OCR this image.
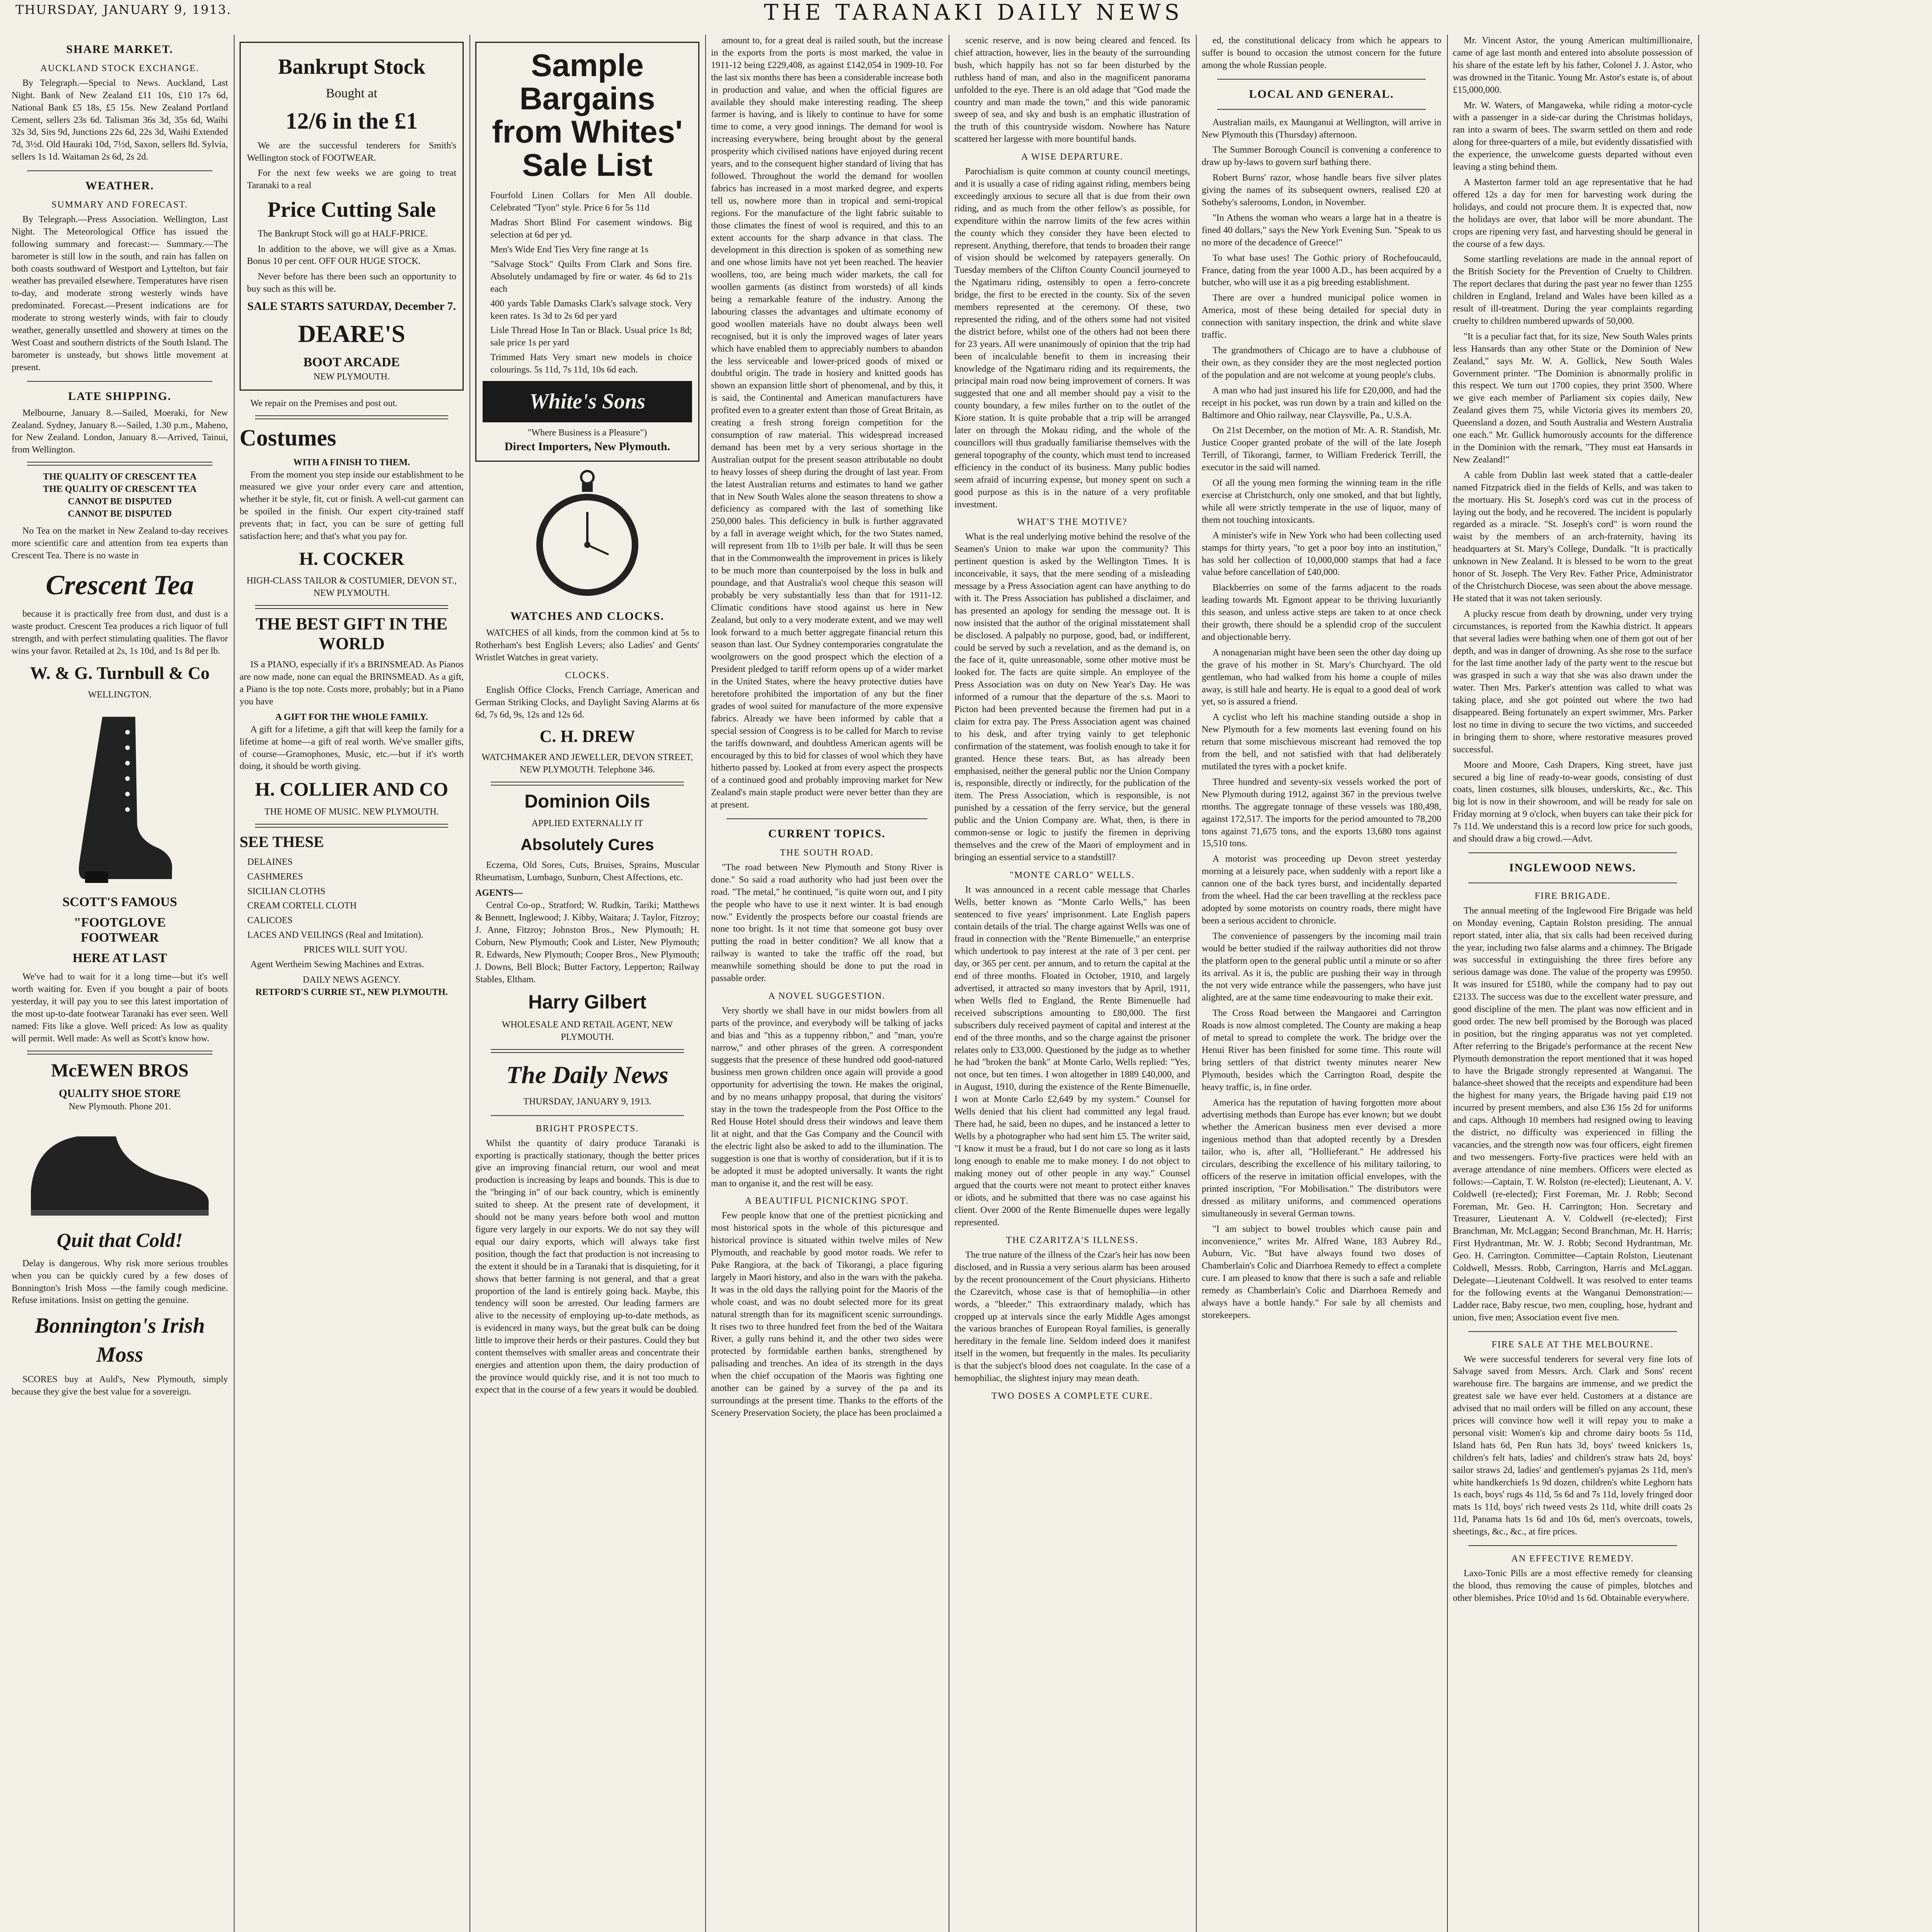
THURSDAY, JANUARY 9, 1913.	THE TARANAKI DAILY NEWS
SHARE MARKET.
AUCKLAND STOCK EXCHANGE.

By Telegraph.—Special to News. Auckland, Last Night. Bank of New Zealand £11 10s, £10 17s 6d, National Bank £5 18s, £5 15s. New Zealand Portland Cement, sellers 23s 6d. Talisman 36s 3d, 35s 6d, Waihi 32s 3d, Sirs 9d, Junctions 22s 6d, 22s 3d, Waihi Extended 7d, 3½d. Old Hauraki 10d, 7½d, Saxon, sellers 8d. Sylvia, sellers 1s 1d. Waitaman 2s 6d, 2s 2d.

WEATHER.
SUMMARY AND FORECAST.

By Telegraph.—Press Association. Wellington, Last Night. The Meteorological Office has issued the following summary and forecast:— Summary.—The barometer is still low in the south, and rain has fallen on both coasts southward of Westport and Lyttelton, but fair weather has prevailed elsewhere. Temperatures have risen to-day, and moderate strong westerly winds have predominated. Forecast.—Present indications are for moderate to strong westerly winds, with fair to cloudy weather, generally unsettled and showery at times on the West Coast and southern districts of the South Island. The barometer is unsteady, but shows little movement at present.

LATE SHIPPING.

Melbourne, January 8.—Sailed, Moeraki, for New Zealand. Sydney, January 8.—Sailed, 1.30 p.m., Maheno, for New Zealand. London, January 8.—Arrived, Tainui, from Wellington.

THE QUALITY OF CRESCENT TEA
THE QUALITY OF CRESCENT TEA
CANNOT BE DISPUTED
CANNOT BE DISPUTED

No Tea on the market in New Zealand to-day receives more scientific care and attention from tea experts than Crescent Tea. There is no waste in

Crescent Tea

because it is practically free from dust, and dust is a waste product. Crescent Tea produces a rich liquor of full strength, and with perfect stimulating qualities. The flavor wins your favor. Retailed at 2s, 1s 10d, and 1s 8d per lb.

W. & G. Turnbull & Co
WELLINGTON.
SCOTT'S FAMOUS
"FOOTGLOVE
FOOTWEAR
HERE AT LAST

We've had to wait for it a long time—but it's well worth waiting for. Even if you bought a pair of boots yesterday, it will pay you to see this latest importation of the most up-to-date footwear Taranaki has ever seen. Well named: Fits like a glove. Well priced: As low as quality will permit. Well made: As well as Scott's know how.

McEWEN BROS
QUALITY SHOE STORE
New Plymouth. Phone 201.
Quit that Cold!

Delay is dangerous. Why risk more serious troubles when you can be quickly cured by a few doses of Bonnington's Irish Moss —the family cough medicine. Refuse imitations. Insist on getting the genuine.

Bonnington's Irish Moss

SCORES buy at Auld's, New Plymouth, simply because they give the best value for a sovereign.

Bankrupt Stock
Bought at
12/6 in the £1

We are the successful tenderers for Smith's Wellington stock of FOOTWEAR.

For the next few weeks we are going to treat Taranaki to a real

Price Cutting Sale

The Bankrupt Stock will go at HALF-PRICE.

In addition to the above, we will give as a Xmas. Bonus 10 per cent. OFF OUR HUGE STOCK.

Never before has there been such an opportunity to buy such as this will be.

SALE STARTS SATURDAY, December 7.
DEARE'S
BOOT ARCADE
NEW PLYMOUTH.

We repair on the Premises and post out.

Costumes
WITH A FINISH TO THEM.

From the moment you step inside our establishment to be measured we give your order every care and attention, whether it be style, fit, cut or finish. A well-cut garment can be spoiled in the finish. Our expert city-trained staff prevents that; in fact, you can be sure of getting full satisfaction here; and that's what you pay for.

H. COCKER
HIGH-CLASS TAILOR & COSTUMIER, DEVON ST., NEW PLYMOUTH.
THE BEST GIFT IN THE WORLD

IS a PIANO, especially if it's a BRINSMEAD. As Pianos are now made, none can equal the BRINSMEAD. As a gift, a Piano is the top note. Costs more, probably; but in a Piano you have

A GIFT FOR THE WHOLE FAMILY.

A gift for a lifetime, a gift that will keep the family for a lifetime at home—a gift of real worth. We've smaller gifts, of course—Gramophones, Music, etc.—but if it's worth doing, it should be worth giving.

H. COLLIER AND CO
THE HOME OF MUSIC. NEW PLYMOUTH.
SEE THESE
DELAINES
CASHMERES
SICILIAN CLOTHS
CREAM CORTELL CLOTH
CALICOES
LACES AND VEILINGS (Real and Imitation).
PRICES WILL SUIT YOU.

Agent Wertheim Sewing Machines and Extras.

DAILY NEWS AGENCY.
RETFORD'S CURRIE ST., NEW PLYMOUTH.
Sample Bargains from Whites' Sale List
Fourfold Linen Collars for Men All double. Celebrated "Tyon" style. Price 6 for 5s 11d
Madras Short Blind For casement windows. Big selection at 6d per yd.
Men's Wide End Ties Very fine range at 1s
"Salvage Stock" Quilts From Clark and Sons fire. Absolutely undamaged by fire or water. 4s 6d to 21s each
400 yards Table Damasks Clark's salvage stock. Very keen rates. 1s 3d to 2s 6d per yard
Lisle Thread Hose In Tan or Black. Usual price 1s 8d; sale price 1s per yard
Trimmed Hats Very smart new models in choice colourings. 5s 11d, 7s 11d, 10s 6d each.
White's Sons
"Where Business is a Pleasure")
Direct Importers, New Plymouth.
WATCHES AND CLOCKS.

WATCHES of all kinds, from the common kind at 5s to Rotherham's best English Levers; also Ladies' and Gents' Wristlet Watches in great variety.

CLOCKS.

English Office Clocks, French Carriage, American and German Striking Clocks, and Daylight Saving Alarms at 6s 6d, 7s 6d, 9s, 12s and 12s 6d.

C. H. DREW
WATCHMAKER AND JEWELLER, DEVON STREET, NEW PLYMOUTH. Telephone 346.
Dominion Oils
APPLIED EXTERNALLY IT
Absolutely Cures

Eczema, Old Sores, Cuts, Bruises, Sprains, Muscular Rheumatism, Lumbago, Sunburn, Chest Affections, etc.

AGENTS—

Central Co-op., Stratford; W. Rudkin, Tariki; Matthews & Bennett, Inglewood; J. Kibby, Waitara; J. Taylor, Fitzroy; J. Anne, Fitzroy; Johnston Bros., New Plymouth; H. Coburn, New Plymouth; Cook and Lister, New Plymouth; R. Edwards, New Plymouth; Cooper Bros., New Plymouth; J. Downs, Bell Block; Butter Factory, Lepperton; Railway Stables, Eltham.

Harry Gilbert
WHOLESALE AND RETAIL AGENT, NEW PLYMOUTH.
The Daily News
THURSDAY, JANUARY 9, 1913.
BRIGHT PROSPECTS.

Whilst the quantity of dairy produce Taranaki is exporting is practically stationary, though the better prices give an improving financial return, our wool and meat production is increasing by leaps and bounds. This is due to the "bringing in" of our back country, which is eminently suited to sheep. At the present rate of development, it should not be many years before both wool and mutton figure very largely in our exports. We do not say they will equal our dairy exports, which will always take first position, though the fact that production is not increasing to the extent it should be in a Taranaki that is disquieting, for it shows that better farming is not general, and that a great proportion of the land is entirely going back. Maybe, this tendency will soon be arrested. Our leading farmers are alive to the necessity of employing up-to-date methods, as is evidenced in many ways, but the great bulk can be doing little to improve their herds or their pastures. Could they but content themselves with smaller areas and concentrate their energies and attention upon them, the dairy production of the province would quickly rise, and it is not too much to expect that in the course of a few years it would be doubled.

amount to, for a great deal is railed south, but the increase in the exports from the ports is most marked, the value in 1911-12 being £229,408, as against £142,054 in 1909-10. For the last six months there has been a considerable increase both in production and value, and when the official figures are available they should make interesting reading. The sheep farmer is having, and is likely to continue to have for some time to come, a very good innings. The demand for wool is increasing everywhere, being brought about by the general prosperity which civilised nations have enjoyed during recent years, and to the consequent higher standard of living that has followed. Throughout the world the demand for woollen fabrics has increased in a most marked degree, and experts tell us, nowhere more than in tropical and semi-tropical regions. For the manufacture of the light fabric suitable to those climates the finest of wool is required, and this to an extent accounts for the sharp advance in that class. The development in this direction is spoken of as something new and one whose limits have not yet been reached. The heavier woollens, too, are being much wider markets, the call for woollen garments (as distinct from worsteds) of all kinds being a remarkable feature of the industry. Among the labouring classes the advantages and ultimate economy of good woollen materials have no doubt always been well recognised, but it is only the improved wages of later years which have enabled them to appreciably numbers to abandon the less serviceable and lower-priced goods of mixed or doubtful origin. The trade in hosiery and knitted goods has shown an expansion little short of phenomenal, and by this, it is said, the Continental and American manufacturers have profited even to a greater extent than those of Great Britain, as creating a fresh strong foreign competition for the consumption of raw material. This widespread increased demand has been met by a very serious shortage in the Australian output for the present season attributable no doubt to heavy losses of sheep during the drought of last year. From the latest Australian returns and estimates to hand we gather that in New South Wales alone the season threatens to show a deficiency as compared with the last of something like 250,000 bales. This deficiency in bulk is further aggravated by a fall in average weight which, for the two States named, will represent from 1lb to 1½lb per bale. It will thus be seen that in the Commonwealth the improvement in prices is likely to be much more than counterpoised by the loss in bulk and poundage, and that Australia's wool cheque this season will probably be very substantially less than that for 1911-12. Climatic conditions have stood against us here in New Zealand, but only to a very moderate extent, and we may well look forward to a much better aggregate financial return this season than last. Our Sydney contemporaries congratulate the woolgrowers on the good prospect which the election of a President pledged to tariff reform opens up of a wider market in the United States, where the heavy protective duties have heretofore prohibited the importation of any but the finer grades of wool suited for manufacture of the more expensive fabrics. Already we have been informed by cable that a special session of Congress is to be called for March to revise the tariffs downward, and doubtless American agents will be encouraged by this to bid for classes of wool which they have hitherto passed by. Looked at from every aspect the prospects of a continued good and probably improving market for New Zealand's main staple product were never better than they are at present.

CURRENT TOPICS.
THE SOUTH ROAD.

"The road between New Plymouth and Stony River is done." So said a road authority who had just been over the road. "The metal," he continued, "is quite worn out, and I pity the people who have to use it next winter. It is bad enough now." Evidently the prospects before our coastal friends are none too bright. Is it not time that someone got busy over putting the road in better condition? We all know that a railway is wanted to take the traffic off the road, but meanwhile something should be done to put the road in passable order.

A NOVEL SUGGESTION.

Very shortly we shall have in our midst bowlers from all parts of the province, and everybody will be talking of jacks and bias and "this as a tuppenny ribbon," and "man, you're narrow," and other phrases of the green. A correspondent suggests that the presence of these hundred odd good-natured business men grown children once again will provide a good opportunity for advertising the town. He makes the original, and by no means unhappy proposal, that during the visitors' stay in the town the tradespeople from the Post Office to the Red House Hotel should dress their windows and leave them lit at night, and that the Gas Company and the Council with the electric light also be asked to add to the illumination. The suggestion is one that is worthy of consideration, but if it is to be adopted it must be adopted universally. It wants the right man to organise it, and the rest will be easy.

A BEAUTIFUL PICNICKING SPOT.

Few people know that one of the prettiest picnicking and most historical spots in the whole of this picturesque and historical province is situated within twelve miles of New Plymouth, and reachable by good motor roads. We refer to Puke Rangiora, at the back of Tikorangi, a place figuring largely in Maori history, and also in the wars with the pakeha. It was in the old days the rallying point for the Maoris of the whole coast, and was no doubt selected more for its great natural strength than for its magnificent scenic surroundings. It rises two to three hundred feet from the bed of the Waitara River, a gully runs behind it, and the other two sides were protected by formidable earthen banks, strengthened by palisading and trenches. An idea of its strength in the days when the chief occupation of the Maoris was fighting one another can be gained by a survey of the pa and its surroundings at the present time. Thanks to the efforts of the Scenery Preservation Society, the place has been proclaimed a

scenic reserve, and is now being cleared and fenced. Its chief attraction, however, lies in the beauty of the surrounding bush, which happily has not so far been disturbed by the ruthless hand of man, and also in the magnificent panorama unfolded to the eye. There is an old adage that "God made the country and man made the town," and this wide panoramic sweep of sea, and sky and bush is an emphatic illustration of the truth of this countryside wisdom. Nowhere has Nature scattered her largesse with more bountiful hands.

A WISE DEPARTURE.

Parochialism is quite common at county council meetings, and it is usually a case of riding against riding, members being exceedingly anxious to secure all that is due from their own riding, and as much from the other fellow's as possible, for expenditure within the narrow limits of the few acres within the county which they consider they have been elected to represent. Anything, therefore, that tends to broaden their range of vision should be welcomed by ratepayers generally. On Tuesday members of the Clifton County Council journeyed to the Ngatimaru riding, ostensibly to open a ferro-concrete bridge, the first to be erected in the county. Six of the seven members represented at the ceremony. Of these, two represented the riding, and of the others some had not visited the district before, whilst one of the others had not been there for 23 years. All were unanimously of opinion that the trip had been of incalculable benefit to them in increasing their knowledge of the Ngatimaru riding and its requirements, the principal main road now being improvement of corners. It was suggested that one and all member should pay a visit to the county boundary, a few miles further on to the outlet of the Kiore station. It is quite probable that a trip will be arranged later on through the Mokau riding, and the whole of the councillors will thus gradually familiarise themselves with the general topography of the county, which must tend to increased efficiency in the conduct of its business. Many public bodies seem afraid of incurring expense, but money spent on such a good purpose as this is in the nature of a very profitable investment.

WHAT'S THE MOTIVE?

What is the real underlying motive behind the resolve of the Seamen's Union to make war upon the community? This pertinent question is asked by the Wellington Times. It is inconceivable, it says, that the mere sending of a misleading message by a Press Association agent can have anything to do with it. The Press Association has published a disclaimer, and has presented an apology for sending the message out. It is now insisted that the author of the original misstatement shall be disclosed. A palpably no purpose, good, bad, or indifferent, could be served by such a revelation, and as the demand is, on the face of it, quite unreasonable, some other motive must be looked for. The facts are quite simple. An employee of the Press Association was on duty on New Year's Day. He was informed of a rumour that the departure of the s.s. Maori to Picton had been prevented because the firemen had put in a claim for extra pay. The Press Association agent was chained to his desk, and after trying vainly to get telephonic confirmation of the statement, was foolish enough to take it for granted. Hence these tears. But, as has already been emphasised, neither the general public nor the Union Company is, responsible, directly or indirectly, for the publication of the item. The Press Association, which is responsible, is not punished by a cessation of the ferry service, but the general public and the Union Company are. What, then, is there in common-sense or logic to justify the firemen in depriving themselves and the crew of the Maori of employment and in bringing an essential service to a standstill?

"MONTE CARLO" WELLS.

It was announced in a recent cable message that Charles Wells, better known as "Monte Carlo Wells," has been sentenced to five years' imprisonment. Late English papers contain details of the trial. The charge against Wells was one of fraud in connection with the "Rente Bimenuelle," an enterprise which undertook to pay interest at the rate of 3 per cent. per day, or 365 per cent. per annum, and to return the capital at the end of three months. Floated in October, 1910, and largely advertised, it attracted so many investors that by April, 1911, when Wells fled to England, the Rente Bimenuelle had received subscriptions amounting to £80,000. The first subscribers duly received payment of capital and interest at the end of the three months, and so the charge against the prisoner relates only to £33,000. Questioned by the judge as to whether he had "broken the bank" at Monte Carlo, Wells replied: "Yes, not once, but ten times. I won altogether in 1889 £40,000, and in August, 1910, during the existence of the Rente Bimenuelle, I won at Monte Carlo £2,649 by my system." Counsel for Wells denied that his client had committed any legal fraud. There had, he said, been no dupes, and he instanced a letter to Wells by a photographer who had sent him £5. The writer said, "I know it must be a fraud, but I do not care so long as it lasts long enough to enable me to make money. I do not object to making money out of other people in any way." Counsel argued that the courts were not meant to protect either knaves or idiots, and he submitted that there was no case against his client. Over 2000 of the Rente Bimenuelle dupes were legally represented.

THE CZARITZA'S ILLNESS.

The true nature of the illness of the Czar's heir has now been disclosed, and in Russia a very serious alarm has been aroused by the recent pronouncement of the Court physicians. Hitherto the Czarevitch, whose case is that of hemophilia—in other words, a "bleeder." This extraordinary malady, which has cropped up at intervals since the early Middle Ages amongst the various branches of European Royal families, is generally hereditary in the female line. Seldom indeed does it manifest itself in the women, but frequently in the males. Its peculiarity is that the subject's blood does not coagulate. In the case of a hemophiliac, the slightest injury may mean death.

TWO DOSES A COMPLETE CURE.

ed, the constitutional delicacy from which he appears to suffer is bound to occasion the utmost concern for the future among the whole Russian people.

LOCAL AND GENERAL.

Australian mails, ex Maunganui at Wellington, will arrive in New Plymouth this (Thursday) afternoon.

The Summer Borough Council is convening a conference to draw up by-laws to govern surf bathing there.

Robert Burns' razor, whose handle bears five silver plates giving the names of its subsequent owners, realised £20 at Sotheby's salerooms, London, in November.

"In Athens the woman who wears a large hat in a theatre is fined 40 dollars," says the New York Evening Sun. "Speak to us no more of the decadence of Greece!"

To what base uses! The Gothic priory of Rochefoucauld, France, dating from the year 1000 A.D., has been acquired by a butcher, who will use it as a pig breeding establishment.

There are over a hundred municipal police women in America, most of these being detailed for special duty in connection with sanitary inspection, the drink and white slave traffic.

The grandmothers of Chicago are to have a clubhouse of their own, as they consider they are the most neglected portion of the population and are not welcome at young people's clubs.

A man who had just insured his life for £20,000, and had the receipt in his pocket, was run down by a train and killed on the Baltimore and Ohio railway, near Claysville, Pa., U.S.A.

On 21st December, on the motion of Mr. A. R. Standish, Mr. Justice Cooper granted probate of the will of the late Joseph Terrill, of Tikorangi, farmer, to William Frederick Terrill, the executor in the said will named.

Of all the young men forming the winning team in the rifle exercise at Christchurch, only one smoked, and that but lightly, while all were strictly temperate in the use of liquor, many of them not touching intoxicants.

A minister's wife in New York who had been collecting used stamps for thirty years, "to get a poor boy into an institution," has sold her collection of 10,000,000 stamps that had a face value before cancellation of £40,000.

Blackberries on some of the farms adjacent to the roads leading towards Mt. Egmont appear to be thriving luxuriantly this season, and unless active steps are taken to at once check their growth, there should be a splendid crop of the succulent and objectionable berry.

A nonagenarian might have been seen the other day doing up the grave of his mother in St. Mary's Churchyard. The old gentleman, who had walked from his home a couple of miles away, is still hale and hearty. He is equal to a good deal of work yet, so is assured a friend.

A cyclist who left his machine standing outside a shop in New Plymouth for a few moments last evening found on his return that some mischievous miscreant had removed the top from the bell, and not satisfied with that had deliberately mutilated the tyres with a pocket knife.

Three hundred and seventy-six vessels worked the port of New Plymouth during 1912, against 367 in the previous twelve months. The aggregate tonnage of these vessels was 180,498, against 172,517. The imports for the period amounted to 78,200 tons against 71,675 tons, and the exports 13,680 tons against 15,510 tons.

A motorist was proceeding up Devon street yesterday morning at a leisurely pace, when suddenly with a report like a cannon one of the back tyres burst, and incidentally departed from the wheel. Had the car been travelling at the reckless pace adopted by some motorists on country roads, there might have been a serious accident to chronicle.

The convenience of passengers by the incoming mail train would be better studied if the railway authorities did not throw the platform open to the general public until a minute or so after its arrival. As it is, the public are pushing their way in through the not very wide entrance while the passengers, who have just alighted, are at the same time endeavouring to make their exit.

The Cross Road between the Mangaorei and Carrington Roads is now almost completed. The County are making a heap of metal to spread to complete the work. The bridge over the Henui River has been finished for some time. This route will bring settlers of that district twenty minutes nearer New Plymouth, besides which the Carrington Road, despite the heavy traffic, is, in fine order.

America has the reputation of having forgotten more about advertising methods than Europe has ever known; but we doubt whether the American business men ever devised a more ingenious method than that adopted recently by a Dresden tailor, who is, after all, "Hollieferant." He addressed his circulars, describing the excellence of his military tailoring, to officers of the reserve in imitation official envelopes, with the printed inscription, "For Mobilisation." The distributors were dressed as military uniforms, and commenced operations simultaneously in several German towns.

"I am subject to bowel troubles which cause pain and inconvenience," writes Mr. Alfred Wane, 183 Aubrey Rd., Auburn, Vic. "But have always found two doses of Chamberlain's Colic and Diarrhoea Remedy to effect a complete cure. I am pleased to know that there is such a safe and reliable remedy as Chamberlain's Colic and Diarrhoea Remedy and always have a bottle handy." For sale by all chemists and storekeepers.

Mr. Vincent Astor, the young American multimillionaire, came of age last month and entered into absolute possession of his share of the estate left by his father, Colonel J. J. Astor, who was drowned in the Titanic. Young Mr. Astor's estate is, of about £15,000,000.

Mr. W. Waters, of Mangaweka, while riding a motor-cycle with a passenger in a side-car during the Christmas holidays, ran into a swarm of bees. The swarm settled on them and rode along for three-quarters of a mile, but evidently dissatisfied with the experience, the unwelcome guests departed without even leaving a sting behind them.

A Masterton farmer told an age representative that he had offered 12s a day for men for harvesting work during the holidays, and could not procure them. It is expected that, now the holidays are over, that labor will be more abundant. The crops are ripening very fast, and harvesting should be general in the course of a few days.

Some startling revelations are made in the annual report of the British Society for the Prevention of Cruelty to Children. The report declares that during the past year no fewer than 1255 children in England, Ireland and Wales have been killed as a result of ill-treatment. During the year complaints regarding cruelty to children numbered upwards of 50,000.

"It is a peculiar fact that, for its size, New South Wales prints less Hansards than any other State or the Dominion of New Zealand," says Mr. W. A. Gollick, New South Wales Government printer. "The Dominion is abnormally prolific in this respect. We turn out 1700 copies, they print 3500. Where we give each member of Parliament six copies daily, New Zealand gives them 75, while Victoria gives its members 20, Queensland a dozen, and South Australia and Western Australia one each." Mr. Gullick humorously accounts for the difference in the Dominion with the remark, "They must eat Hansards in New Zealand!"

A cable from Dublin last week stated that a cattle-dealer named Fitzpatrick died in the fields of Kells, and was taken to the mortuary. His St. Joseph's cord was cut in the process of laying out the body, and he recovered. The incident is popularly regarded as a miracle. "St. Joseph's cord" is worn round the waist by the members of an arch-fraternity, having its headquarters at St. Mary's College, Dundalk. "It is practically unknown in New Zealand. It is blessed to be worn to the great honor of St. Joseph. The Very Rev. Father Price, Administrator of the Christchurch Diocese, was seen about the above message. He stated that it was not taken seriously.

A plucky rescue from death by drowning, under very trying circumstances, is reported from the Kawhia district. It appears that several ladies were bathing when one of them got out of her depth, and was in danger of drowning. As she rose to the surface for the last time another lady of the party went to the rescue but was grasped in such a way that she was also drawn under the water. Then Mrs. Parker's attention was called to what was taking place, and she got pointed out where the two had disappeared. Being fortunately an expert swimmer, Mrs. Parker lost no time in diving to secure the two victims, and succeeded in bringing them to shore, where restorative measures proved successful.

Moore and Moore, Cash Drapers, King street, have just secured a big line of ready-to-wear goods, consisting of dust coats, linen costumes, silk blouses, underskirts, &c., &c. This big lot is now in their showroom, and will be ready for sale on Friday morning at 9 o'clock, when buyers can take their pick for 7s 11d. We understand this is a record low price for such goods, and should draw a big crowd.—Advt.

INGLEWOOD NEWS.
FIRE BRIGADE.

The annual meeting of the Inglewood Fire Brigade was held on Monday evening, Captain Rolston presiding. The annual report stated, inter alia, that six calls had been received during the year, including two false alarms and a chimney. The Brigade was successful in extinguishing the three fires before any serious damage was done. The value of the property was £9950. It was insured for £5180, while the company had to pay out £2133. The success was due to the excellent water pressure, and good discipline of the men. The plant was now efficient and in good order. The new bell promised by the Borough was placed in position, but the ringing apparatus was not yet completed. After referring to the Brigade's performance at the recent New Plymouth demonstration the report mentioned that it was hoped to have the Brigade strongly represented at Wanganui. The balance-sheet showed that the receipts and expenditure had been the highest for many years, the Brigade having paid £19 not incurred by present members, and also £36 15s 2d for uniforms and caps. Although 10 members had resigned owing to leaving the district, no difficulty was experienced in filling the vacancies, and the strength now was four officers, eight firemen and two messengers. Forty-five practices were held with an average attendance of nine members. Officers were elected as follows:—Captain, T. W. Rolston (re-elected); Lieutenant, A. V. Coldwell (re-elected); First Foreman, Mr. J. Robb; Second Foreman, Mr. Geo. H. Carrington; Hon. Secretary and Treasurer, Lieutenant A. V. Coldwell (re-elected); First Branchman, Mr. McLaggan; Second Branchman, Mr. H. Harris; First Hydrantman, Mr. W. J. Robb; Second Hydrantman, Mr. Geo. H. Carrington. Committee—Captain Rolston, Lieutenant Coldwell, Messrs. Robb, Carrington, Harris and McLaggan. Delegate—Lieutenant Coldwell. It was resolved to enter teams for the following events at the Wanganui Demonstration:—Ladder race, Baby rescue, two men, coupling, hose, hydrant and union, five men; Association event five men.

FIRE SALE AT THE MELBOURNE.

We were successful tenderers for several very fine lots of Salvage saved from Messrs. Arch. Clark and Sons' recent warehouse fire. The bargains are immense, and we predict the greatest sale we have ever held. Customers at a distance are advised that no mail orders will be filled on any account, these prices will convince how well it will repay you to make a personal visit: Women's kip and chrome dairy boots 5s 11d, Island hats 6d, Pen Run hats 3d, boys' tweed knickers 1s, children's felt hats, ladies' and children's straw hats 2d, boys' sailor straws 2d, ladies' and gentlemen's pyjamas 2s 11d, men's white handkerchiefs 1s 9d dozen, children's white Leghorn hats 1s each, boys' rugs 4s 11d, 5s 6d and 7s 11d, lovely fringed door mats 1s 11d, boys' rich tweed vests 2s 11d, white drill coats 2s 11d, Panama hats 1s 6d and 10s 6d, men's overcoats, towels, sheetings, &c., &c., at fire prices.

AN EFFECTIVE REMEDY.

Laxo-Tonic Pills are a most effective remedy for cleansing the blood, thus removing the cause of pimples, blotches and other blemishes. Price 10½d and 1s 6d. Obtainable everywhere.
